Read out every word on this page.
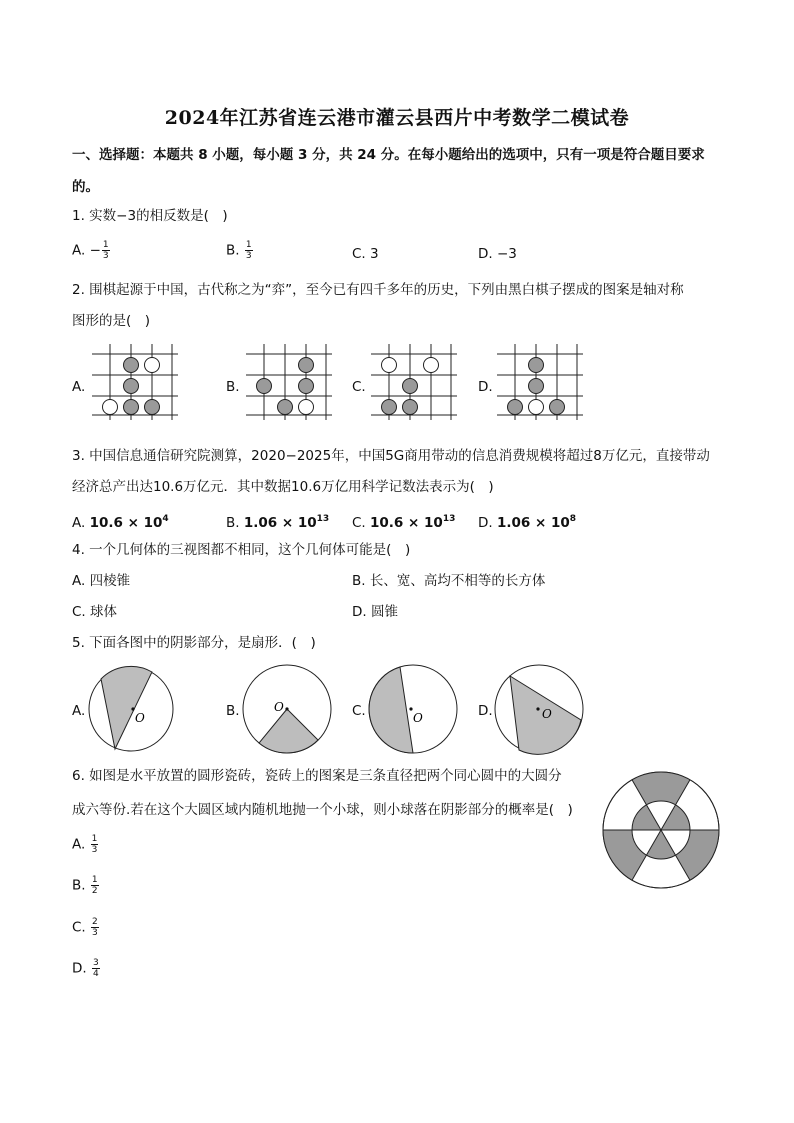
2024年江苏省连云港市灌云县西片中考数学二模试卷
一、选择题：本题共 8 小题，每小题 3 分，共 24 分。在每小题给出的选项中，只有一项是符合题目要求
的。
1. 实数−3的相反数是(　)
A. − $\frac{1}{3}$	B. $\frac{1}{3}$	C. 3	D. −3
2. 围棋起源于中国，古代称之为“弈”，至今已有四千多年的历史，下列由黑白棋子摆成的图案是轴对称
图形的是(　)
A.	B.	C.	D.
3. 中国信息通信研究院测算，2020−2025年，中国5G商用带动的信息消费规模将超过8万亿元，直接带动
经济总产出达10.6万亿元．其中数据10.6万亿用科学记数法表示为(　)
A. $10.6 \times 10^4$	B. $1.06 \times 10^{13}$ C. $10.6 \times 10^{13}$ D. $1.06 \times 10^8$
4. 一个几何体的三视图都不相同，这个几何体可能是(　)
A. 四棱锥	B. 长、宽、高均不相等的长方体
C. 球体	D. 圆锥
5. 下面各图中的阴影部分，是扇形．(　)
A.	O	B.	O	C.	O	D.	O
6. 如图是水平放置的圆形瓷砖，瓷砖上的图案是三条直径把两个同心圆中的大圆分
成六等份.若在这个大圆区域内随机地抛一个小球，则小球落在阴影部分的概率是(　)
A. $\frac{1}{3}$
B. $\frac{1}{2}$
C. $\frac{2}{3}$
D. $\frac{3}{4}$
